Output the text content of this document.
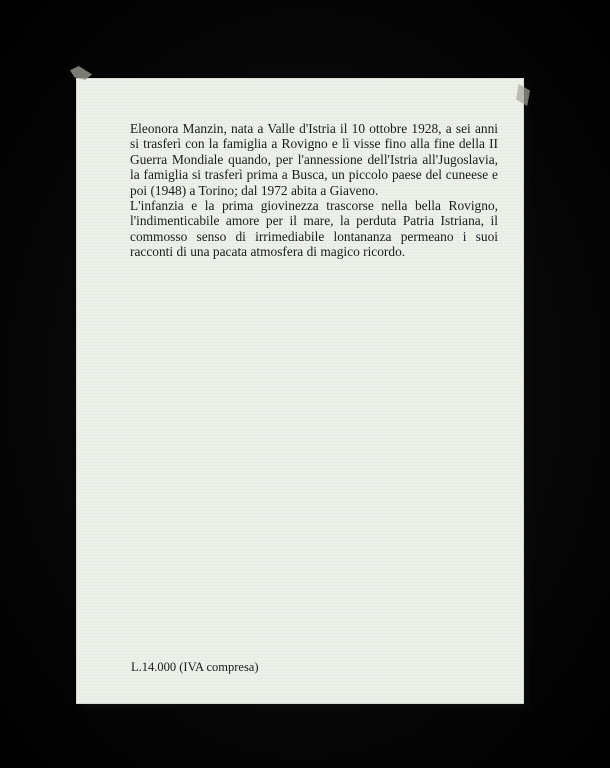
Eleonora Manzin, nata a Valle d'Istria il 10 ottobre 1928, a sei anni si trasferì con la famiglia a Rovigno e lì visse fino alla fine della II Guerra Mondiale quando, per l'annessione dell'Istria all'Jugoslavia, la famiglia si trasferì prima a Busca, un piccolo paese del cuneese e poi (1948) a Torino; dal 1972 abita a Giaveno.

L'infanzia e la prima giovinezza trascorse nella bella Rovigno, l'indimenticabile amore per il mare, la perduta Patria Istriana, il commosso senso di irrimediabile lontananza permeano i suoi racconti di una pacata atmosfera di magico ricordo.

L.14.000 (IVA compresa)
